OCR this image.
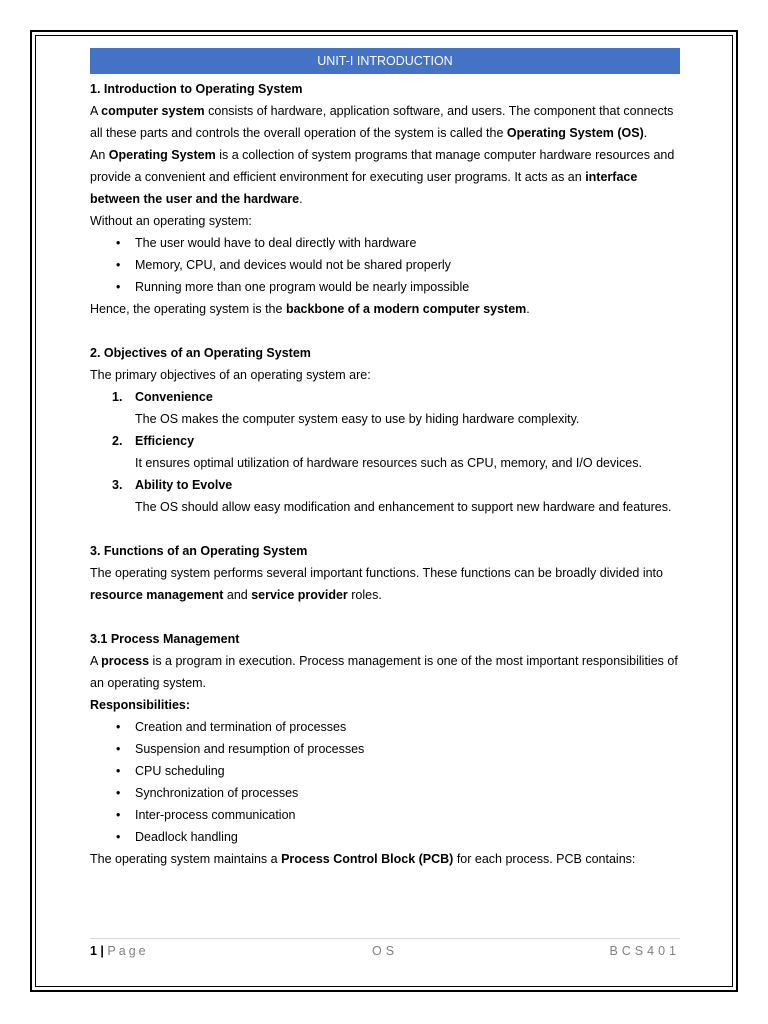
UNIT-I INTRODUCTION

1. Introduction to Operating System

A computer system consists of hardware, application software, and users. The component that connects all these parts and controls the overall operation of the system is called the Operating System (OS).

An Operating System is a collection of system programs that manage computer hardware resources and provide a convenient and efficient environment for executing user programs. It acts as an interface between the user and the hardware.

Without an operating system:

• The user would have to deal directly with hardware
• Memory, CPU, and devices would not be shared properly
• Running more than one program would be nearly impossible

Hence, the operating system is the backbone of a modern computer system.

2. Objectives of an Operating System

The primary objectives of an operating system are:

1. Convenience
The OS makes the computer system easy to use by hiding hardware complexity.
2. Efficiency
It ensures optimal utilization of hardware resources such as CPU, memory, and I/O devices.
3. Ability to Evolve
The OS should allow easy modification and enhancement to support new hardware and features.

3. Functions of an Operating System

The operating system performs several important functions. These functions can be broadly divided into resource management and service provider roles.

3.1 Process Management

A process is a program in execution. Process management is one of the most important responsibilities of an operating system.

Responsibilities:

• Creation and termination of processes
• Suspension and resumption of processes
• CPU scheduling
• Synchronization of processes
• Inter-process communication
• Deadlock handling

The operating system maintains a Process Control Block (PCB) for each process. PCB contains:

1 | Page	OS	BCS401
